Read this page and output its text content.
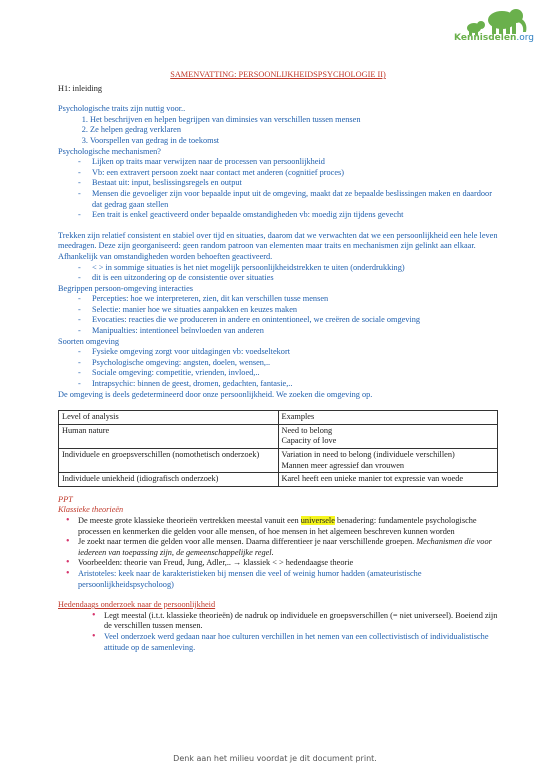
Kennisdelen.org

SAMENVATTING: PERSOONLIJKHEIDSPSYCHOLOGIE II)

H1: inleiding

Psychologische traits zijn nuttig voor..

1. Het beschrijven en helpen begrijpen van diminsies van verschillen tussen mensen
2. Ze helpen gedrag verklaren
3. Voorspellen van gedrag in de toekomst

Psychologische mechanismen?

- Lijken op traits maar verwijzen naar de processen van persoonlijkheid
- Vb: een extravert persoon zoekt naar contact met anderen (cognitief proces)
- Bestaat uit: input, beslissingsregels en output
- Mensen die gevoeliger zijn voor bepaalde input uit de omgeving, maakt dat ze bepaalde beslissingen maken en daardoor dat gedrag gaan stellen
- Een trait is enkel geactiveerd onder bepaalde omstandigheden vb: moedig zijn tijdens gevecht

Trekken zijn relatief consistent en stabiel over tijd en situaties, daarom dat we verwachten dat we een persoonlijkheid een hele leven meedragen. Deze zijn georganiseerd: geen random patroon van elementen maar traits en mechanismen zijn gelinkt aan elkaar. Afhankelijk van omstandigheden worden behoeften geactiveerd.

- < > in sommige situaties is het niet mogelijk persoonlijkheidstrekken te uiten (onderdrukking)
- dit is een uitzondering op de consistentie over situaties

Begrippen persoon-omgeving interacties

- Percepties: hoe we interpreteren, zien, dit kan verschillen tusse mensen
- Selectie: manier hoe we situaties aanpakken en keuzes maken
- Evocaties: reacties die we produceren in andere en onintentioneel, we creëren de sociale omgeving
- Manipualties: intentioneel beïnvloeden van anderen

Soorten omgeving

- Fysieke omgeving zorgt voor uitdagingen vb: voedseltekort
- Psychologische omgeving: angsten, doelen, wensen,..
- Sociale omgeving: competitie, vrienden, invloed,..
- Intrapsychic: binnen de geest, dromen, gedachten, fantasie,..

De omgeving is deels gedetermineerd door onze persoonlijkheid. We zoeken die omgeving op.

Level of analysis	Examples
Human nature	Need to belong
Capacity of love
Individuele en groepsverschillen (nomothetisch onderzoek)	Variation in need to belong (individuele verschillen)
Mannen meer agressief dan vrouwen
Individuele uniekheid (idiografisch onderzoek)	Karel heeft een unieke manier tot expressie van woede

PPT

Klassieke theorieën

• De meeste grote klassieke theorieën vertrekken meestal vanuit een universele benadering: fundamentele psychologische processen en kenmerken die gelden voor alle mensen, of hoe mensen in het algemeen beschreven kunnen worden
• Je zoekt naar termen die gelden voor alle mensen. Daarna differentieer je naar verschillende groepen. Mechanismen die voor iedereen van toepassing zijn, de gemeenschappelijke regel.
• Voorbeelden: theorie van Freud, Jung, Adler,.. → klassiek < > hedendaagse theorie
• Aristoteles: keek naar de karakteristieken bij mensen die veel of weinig humor hadden (amateuristische persoonlijkheidspsycholoog)

Hedendaags onderzoek naar de persoonlijkheid

• Legt meestal (i.t.t. klassieke theorieën) de nadruk op individuele en groepsverschillen (= niet universeel). Boeiend zijn de verschillen tussen mensen.
• Veel onderzoek werd gedaan naar hoe culturen verchillen in het nemen van een collectivistisch of individualistische attitude op de samenleving.
Denk aan het milieu voordat je dit document print.
